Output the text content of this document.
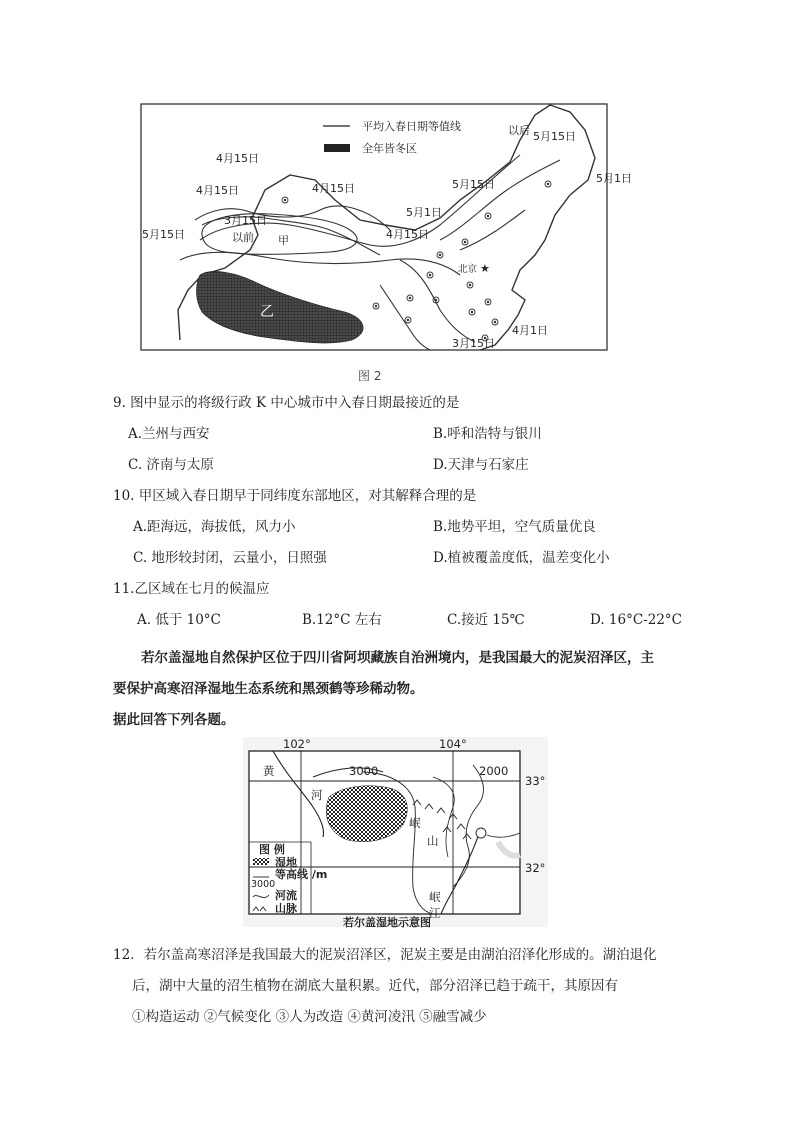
平均入春日期等值线
全年皆冬区
★
5月15日
以后
4月15日
4月15日	4月15日	5月15日	5月1日
5月15日
3月15日
以前 甲
5月1日
4月15日
北京
乙
4月1日
3月15日
图 2
9. 图中显示的将级行政 K 中心城市中入春日期最接近的是
A.兰州与西安	B.呼和浩特与银川
C. 济南与太原	D.天津与石家庄
10. 甲区域入春日期早于同纬度东部地区，对其解释合理的是
A.距海远，海拔低，风力小	B.地势平坦，空气质量优良
C. 地形较封闭，云量小，日照强	D.植被覆盖度低，温差变化小
11.乙区域在七月的候温应
A. 低于 10°C	B.12°C 左右	C.接近 15℃	D. 16°C-22°C
若尔盖湿地自然保护区位于四川省阿坝藏族自治洲境内，是我国最大的泥炭沼泽区，主
要保护高寒沼泽湿地生态系统和黑颈鹤等珍稀动物。
据此回答下列各题。
102°	104°
33°
32°
黄
河
3000	2000
岷
山
岷
江
图 例
湿地
等高线 /m
3000
河流
山脉
若尔盖湿地示意图
12．若尔盖高寒沼泽是我国最大的泥炭沼泽区，泥炭主要是由湖泊沼泽化形成的。湖泊退化
后，湖中大量的沼生植物在湖底大量积累。近代，部分沼泽已趋于疏干，其原因有
①构造运动 ②气候变化 ③人为改造 ④黄河凌汛 ⑤融雪减少
